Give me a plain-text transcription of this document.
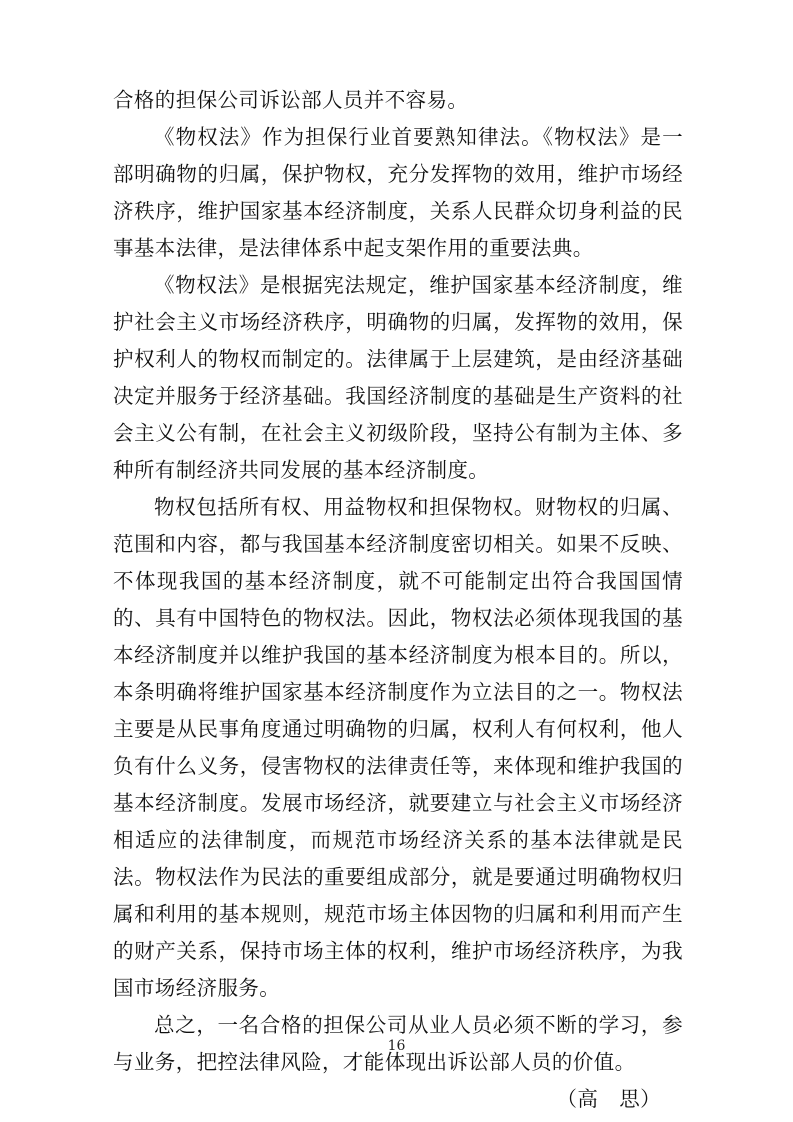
合格的担保公司诉讼部人员并不容易。

《物权法》作为担保行业首要熟知律法。《物权法》是一部明确物的归属，保护物权，充分发挥物的效用，维护市场经济秩序，维护国家基本经济制度，关系人民群众切身利益的民事基本法律，是法律体系中起支架作用的重要法典。

《物权法》是根据宪法规定，维护国家基本经济制度，维护社会主义市场经济秩序，明确物的归属，发挥物的效用，保护权利人的物权而制定的。法律属于上层建筑，是由经济基础决定并服务于经济基础。我国经济制度的基础是生产资料的社会主义公有制，在社会主义初级阶段，坚持公有制为主体、多种所有制经济共同发展的基本经济制度。

物权包括所有权、用益物权和担保物权。财物权的归属、范围和内容，都与我国基本经济制度密切相关。如果不反映、不体现我国的基本经济制度，就不可能制定出符合我国国情的、具有中国特色的物权法。因此，物权法必须体现我国的基本经济制度并以维护我国的基本经济制度为根本目的。所以，本条明确将维护国家基本经济制度作为立法目的之一。物权法主要是从民事角度通过明确物的归属，权利人有何权利，他人负有什么义务，侵害物权的法律责任等，来体现和维护我国的基本经济制度。发展市场经济，就要建立与社会主义市场经济相适应的法律制度，而规范市场经济关系的基本法律就是民法。物权法作为民法的重要组成部分，就是要通过明确物权归属和利用的基本规则，规范市场主体因物的归属和利用而产生的财产关系，保持市场主体的权利，维护市场经济秩序，为我国市场经济服务。

总之，一名合格的担保公司从业人员必须不断的学习，参与业务，把控法律风险，才能体现出诉讼部人员的价值。

（高　思）
16
